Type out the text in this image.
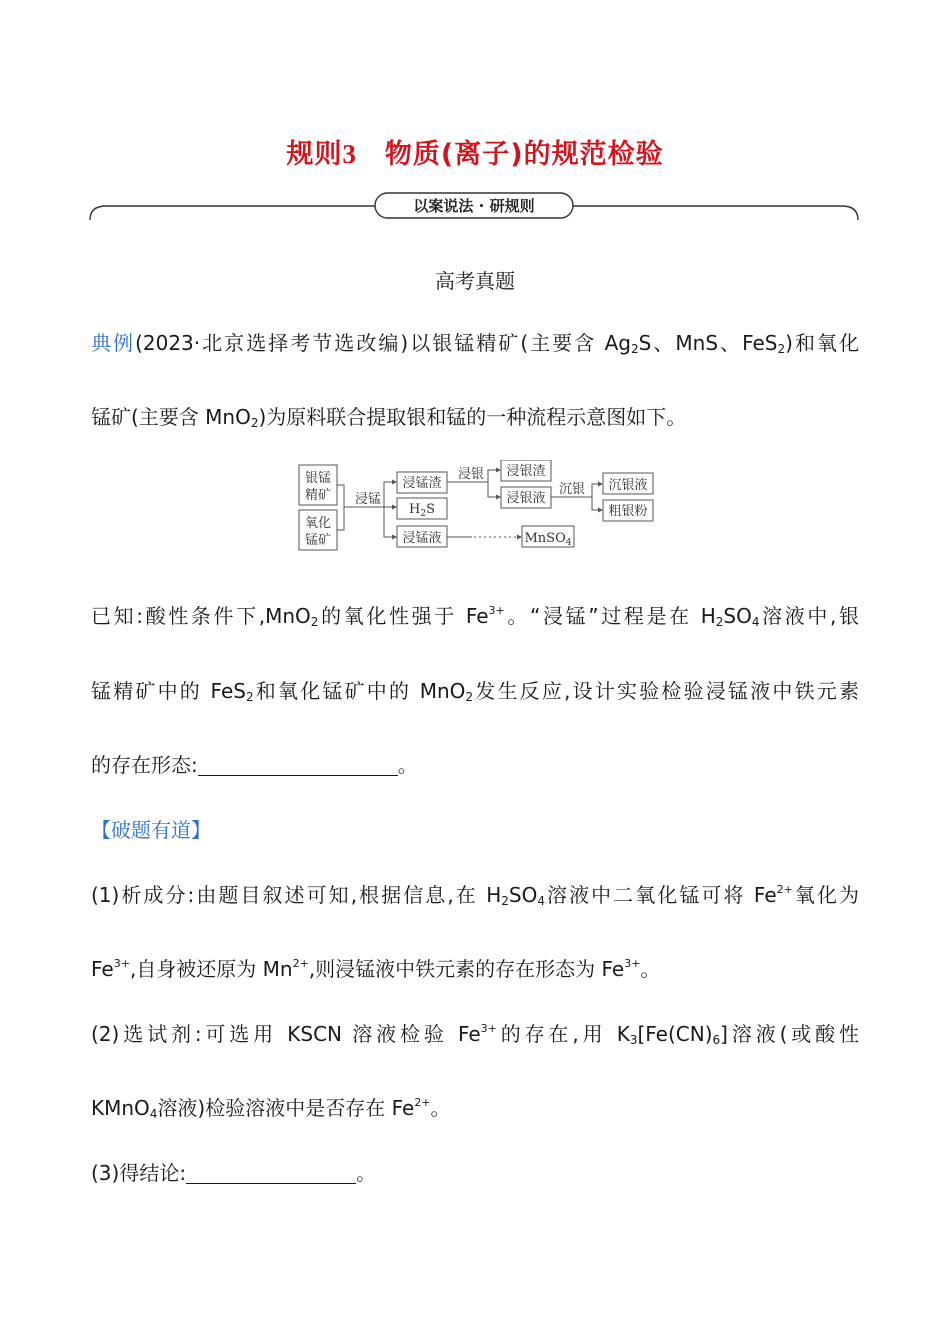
规则3 物质(离子)的规范检验
以案说法 · 研规则
高考真题
典例(2023·北京选择考节选改编)以银锰精矿(主要含 $Ag_2S$、MnS、FeS$_2$)和氧化
锰矿(主要含 MnO$_2$)为原料联合提取银和锰的一种流程示意图如下。
银锰
精矿
氧化
锰矿
浸锰
浸锰渣
$H_2S$
浸锰液
浸银 浸银渣
浸银液
沉银 沉银液
粗银粉
MnSO$_4$
已知:酸性条件下,MnO$_2$的氧化性强于 $Fe^{3+}$。“浸锰”过程是在 $H_2SO_4$溶液中,银
锰精矿中的 FeS$_2$和氧化锰矿中的 MnO$_2$发生反应,设计实验检验浸锰液中铁元素
的存在形态:	。
【破题有道】
(1)析成分:由题目叙述可知,根据信息,在 $H_2SO_4$溶液中二氧化锰可将 $Fe^{2+}$氧化为
$Fe^{3+}$,自身被还原为 $Mn^{2+}$,则浸锰液中铁元素的存在形态为 $Fe^{3+}$。
(2)选试剂:可选用 KSCN 溶液检验 $Fe^{3+}$的存在,用 $K_3[Fe(CN)_6]$溶液(或酸性
KMnO$_4$溶液)检验溶液中是否存在 $Fe^{2+}$。
(3)得结论:	。
